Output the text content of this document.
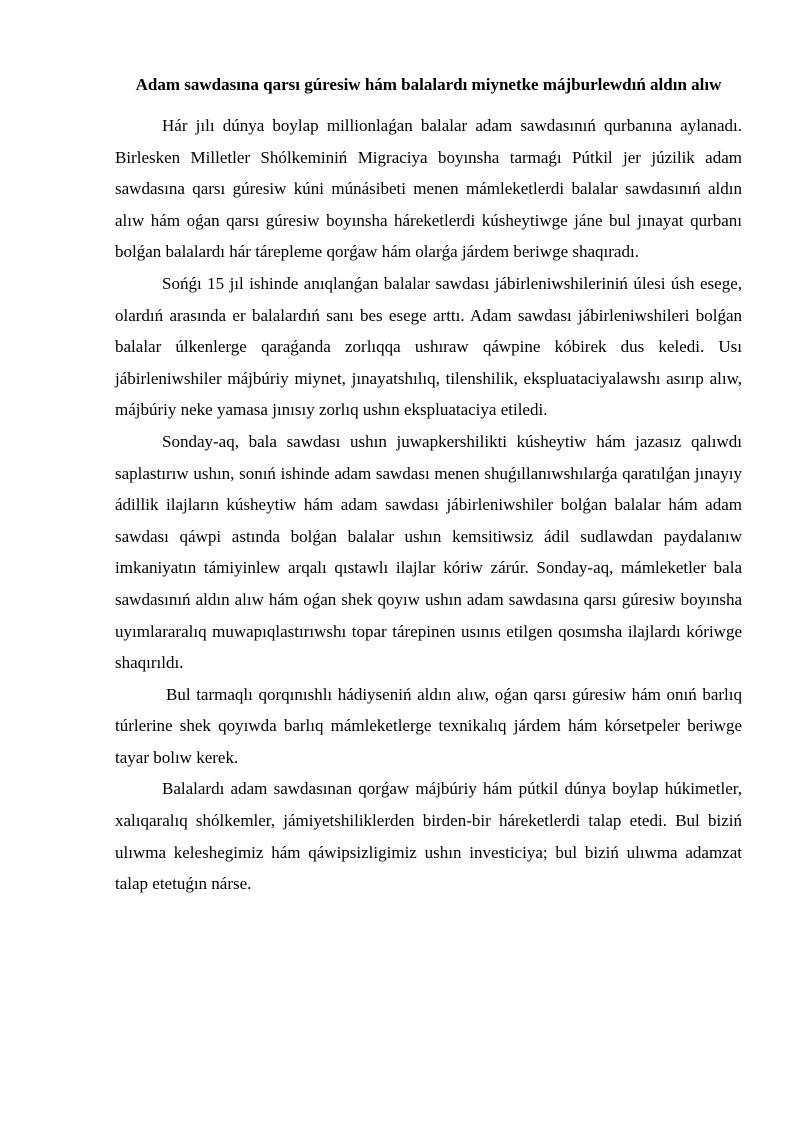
Adam sawdasına qarsı gúresiw hám balalardı miynetke májburlewdıń aldın alıw

Hár jılı dúnya boylap millionlaǵan balalar adam sawdasınıń qurbanına aylanadı. Birlesken Milletler Shólkeminiń Migraciya boyınsha tarmaǵı Pútkil jer júzilik adam sawdasına qarsı gúresiw kúni múnásibeti menen mámleketlerdi balalar sawdasınıń aldın alıw hám oǵan qarsı gúresiw boyınsha háreketlerdi kúsheytiwge jáne bul jınayat qurbanı bolǵan balalardı hár tárepleme qorǵaw hám olarǵa járdem beriwge shaqıradı.

Sońǵı 15 jıl ishinde anıqlanǵan balalar sawdası jábirleniwshileriniń úlesi úsh esege, olardıń arasında er balalardıń sanı bes esege arttı. Adam sawdası jábirleniwshileri bolǵan balalar úlkenlerge qaraǵanda zorlıqqa ushıraw qáwpine kóbirek dus keledi. Usı jábirleniwshiler májbúriy miynet, jınayatshılıq, tilenshilik, ekspluataciyalawshı asırıp alıw, májbúriy neke yamasa jınısıy zorlıq ushın ekspluataciya etiledi.

Sonday-aq, bala sawdası ushın juwapkershilikti kúsheytiw hám jazasız qalıwdı saplastırıw ushın, sonıń ishinde adam sawdası menen shuǵıllanıwshılarǵa qaratılǵan jınayıy ádillik ilajların kúsheytiw hám adam sawdası jábirleniwshiler bolǵan balalar hám adam sawdası qáwpi astında bolǵan balalar ushın kemsitiwsiz ádil sudlawdan paydalanıw imkaniyatın támiyinlew arqalı qıstawlı ilajlar kóriw zárúr. Sonday-aq, mámleketler bala sawdasınıń aldın alıw hám oǵan shek qoyıw ushın adam sawdasına qarsı gúresiw boyınsha uyımlararalıq muwapıqlastırıwshı topar tárepinen usınıs etilgen qosımsha ilajlardı kóriwge shaqırıldı.

Bul tarmaqlı qorqınıshlı hádiyseniń aldın alıw, oǵan qarsı gúresiw hám onıń barlıq túrlerine shek qoyıwda barlıq mámleketlerge texnikalıq járdem hám kórsetpeler beriwge tayar bolıw kerek.

Balalardı adam sawdasınan qorǵaw májbúriy hám pútkil dúnya boylap húkimetler, xalıqaralıq shólkemler, jámiyetshiliklerden birden-bir háreketlerdi talap etedi. Bul biziń ulıwma keleshegimiz hám qáwipsizligimiz ushın investiciya; bul biziń ulıwma adamzat talap etetuǵın nárse.
